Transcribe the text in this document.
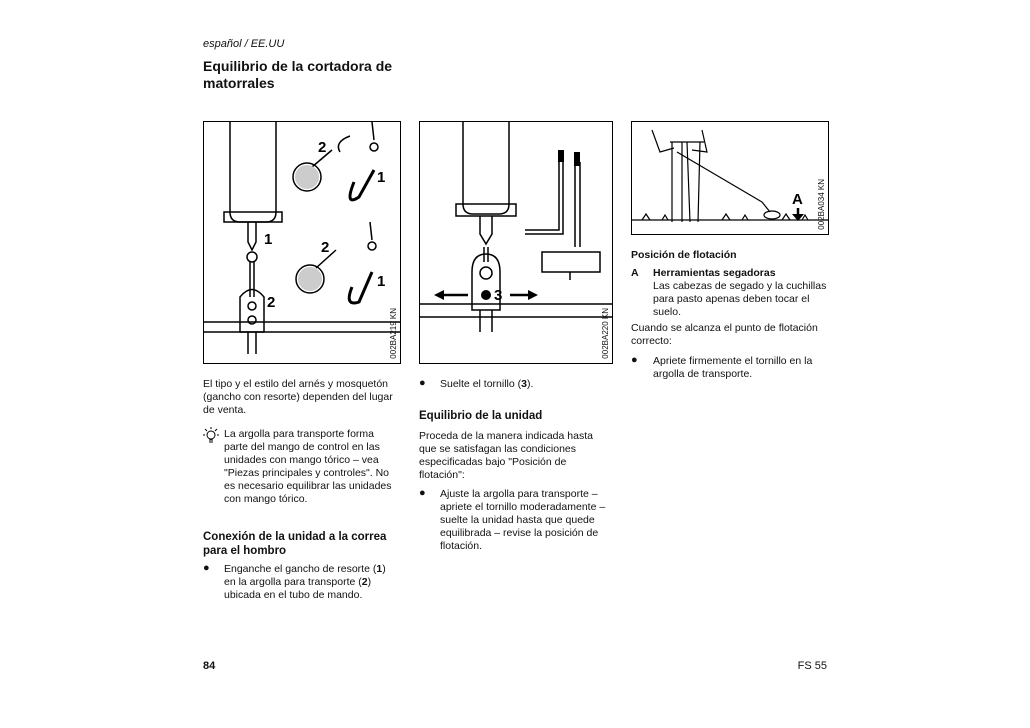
español / EE.UU
Equilibrio de la cortadora de matorrales
2
1
1	2
1
2
002BA219 KN
3
002BA220 KN
A 002BA034 KN
El tipo y el estilo del arnés y mosquetón (gancho con resorte) dependen del lugar de venta.
La argolla para transporte forma parte del mango de control en las unidades con mango tórico – vea "Piezas principales y controles". No es necesario equilibrar las unidades con mango tórico.
Conexión de la unidad a la correa para el hombro
● Enganche el gancho de resorte (1) en la argolla para transporte (2) ubicada en el tubo de mando.
● Suelte el tornillo (3).
Equilibrio de la unidad
Proceda de la manera indicada hasta que se satisfagan las condiciones especificadas bajo "Posición de flotación":
● Ajuste la argolla para transporte – apriete el tornillo moderadamente – suelte la unidad hasta que quede equilibrada – revise la posición de flotación.
Posición de flotación
A Herramientas segadoras
Las cabezas de segado y la cuchillas para pasto apenas deben tocar el suelo.
Cuando se alcanza el punto de flotación correcto:
● Apriete firmemente el tornillo en la argolla de transporte.
84	FS 55
